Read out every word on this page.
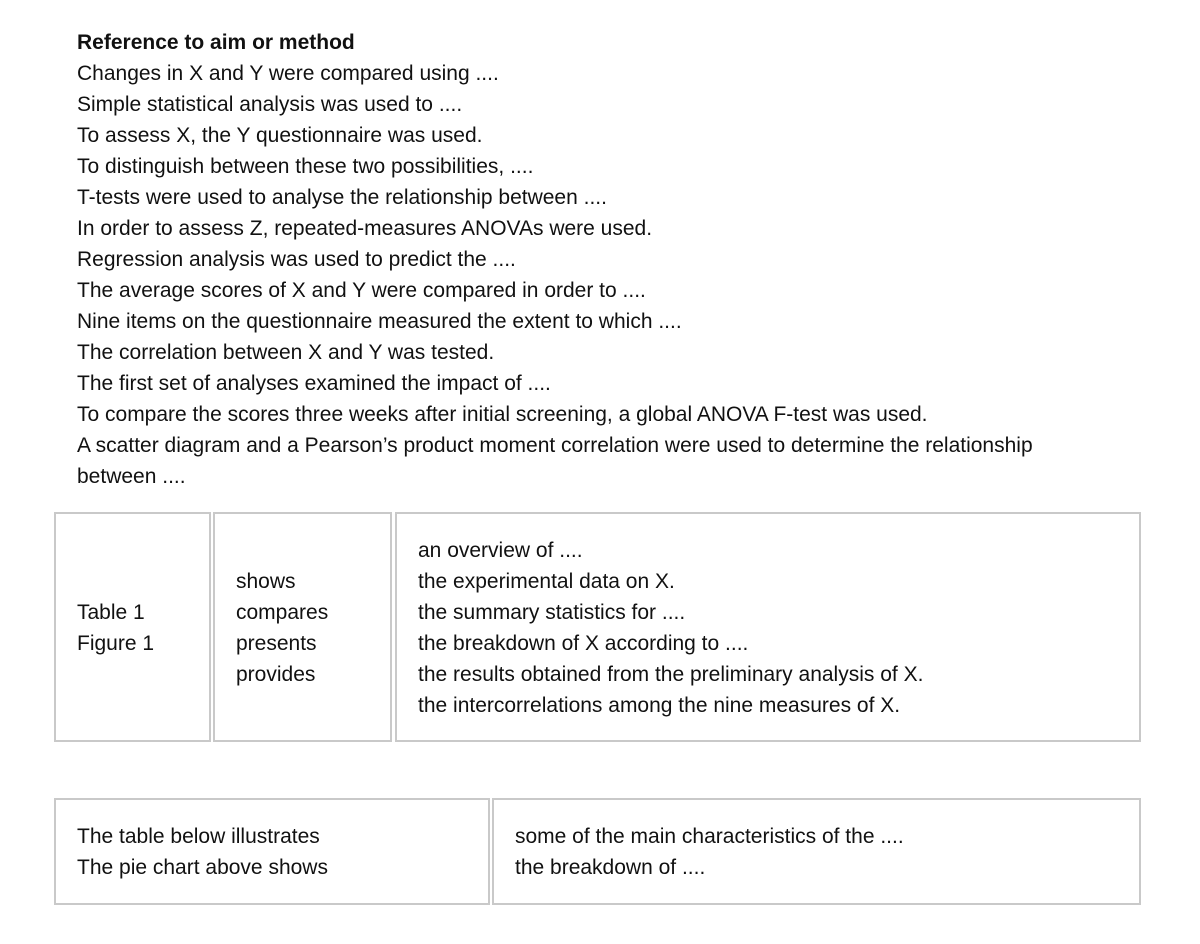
Reference to aim or method
Changes in X and Y were compared using ....
Simple statistical analysis was used to ....
To assess X, the Y questionnaire was used.
To distinguish between these two possibilities, ....
T-tests were used to analyse the relationship between ....
In order to assess Z, repeated-measures ANOVAs were used.
Regression analysis was used to predict the ....
The average scores of X and Y were compared in order to ....
Nine items on the questionnaire measured the extent to which ....
The correlation between X and Y was tested.
The first set of analyses examined the impact of ....
To compare the scores three weeks after initial screening, a global ANOVA F-test was used.
A scatter diagram and a Pearson’s product moment correlation were used to determine the relationship between ....
Table 1
Figure 1
shows
compares
presents
provides
an overview of ....
the experimental data on X.
the summary statistics for ....
the breakdown of X according to ....
the results obtained from the preliminary analysis of X.
the intercorrelations among the nine measures of X.
The table below illustrates
The pie chart above shows
some of the main characteristics of the ....
the breakdown of ....
